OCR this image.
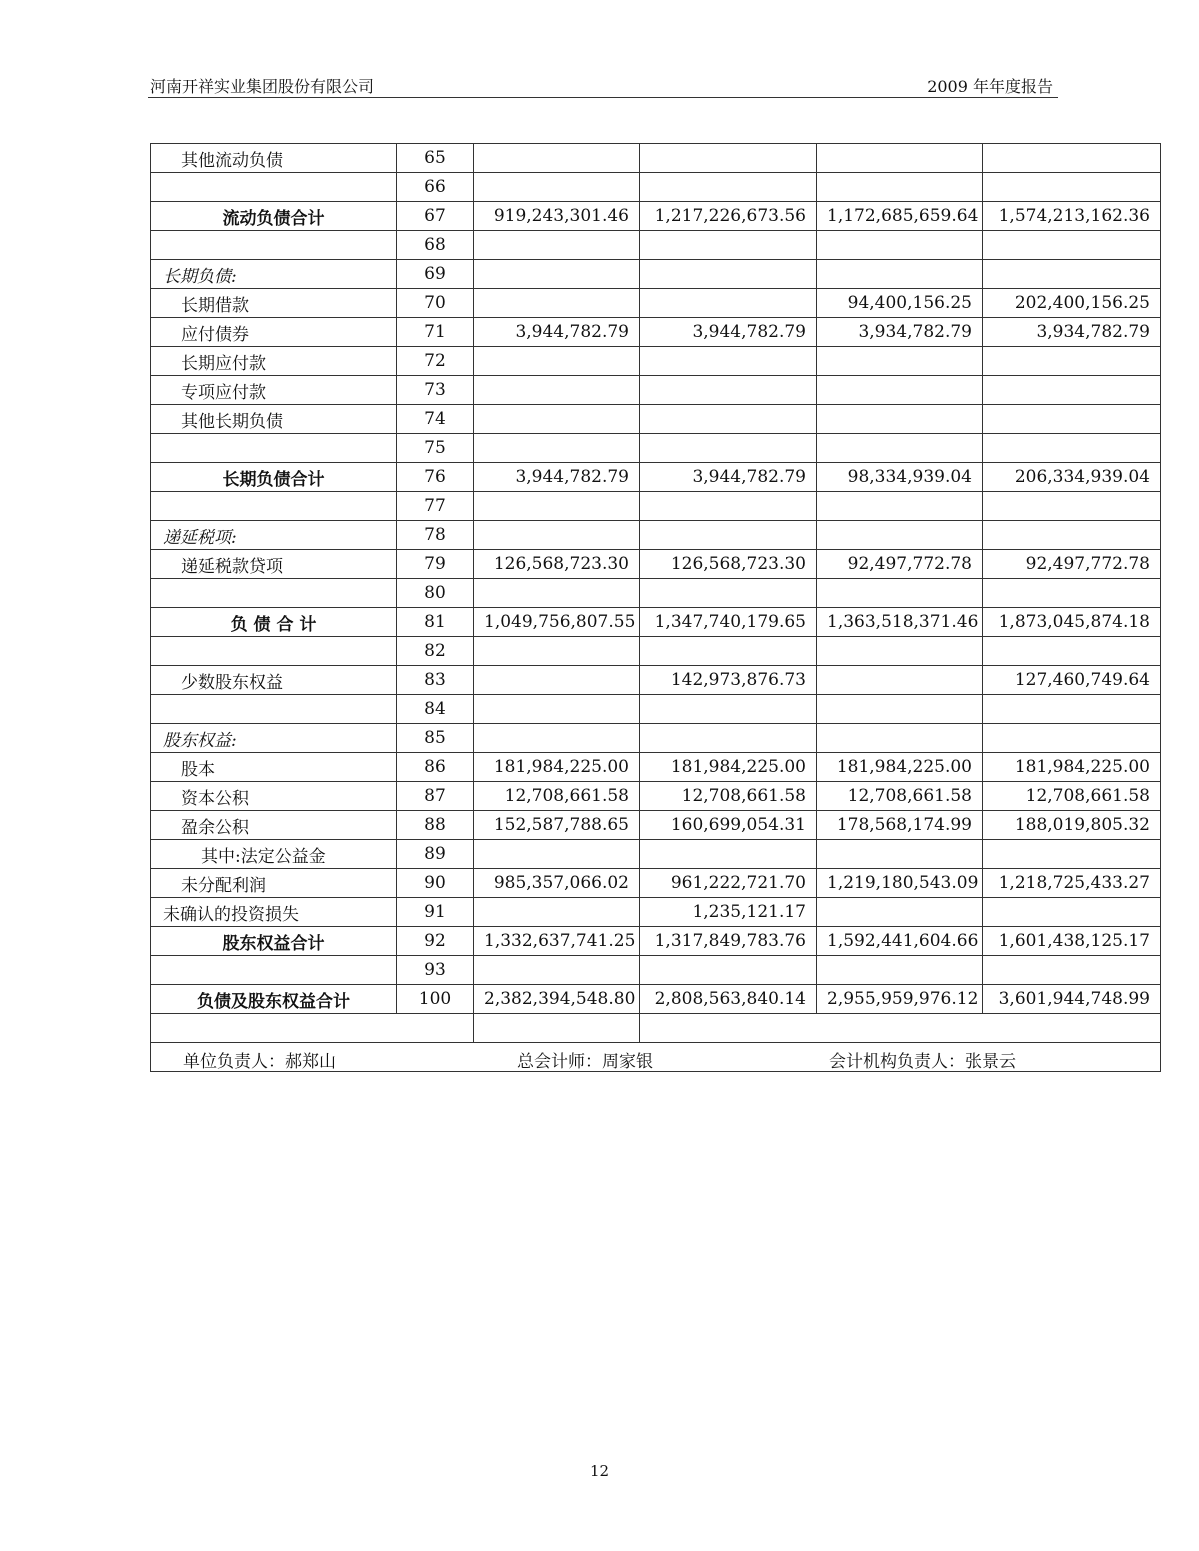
河南开祥实业集团股份有限公司	2009 年年度报告
其他流动负债	65				
	66				
流动负债合计	67	919,243,301.46	1,217,226,673.56	1,172,685,659.64	1,574,213,162.36
	68				
长期负债:	69				
长期借款	70			94,400,156.25	202,400,156.25
应付债券	71	3,944,782.79	3,944,782.79	3,934,782.79	3,934,782.79
长期应付款	72				
专项应付款	73				
其他长期负债	74				
	75				
长期负债合计	76	3,944,782.79	3,944,782.79	98,334,939.04	206,334,939.04
	77				
递延税项:	78				
递延税款贷项	79	126,568,723.30	126,568,723.30	92,497,772.78	92,497,772.78
	80				
负 债 合 计	81	1,049,756,807.55	1,347,740,179.65	1,363,518,371.46	1,873,045,874.18
	82				
少数股东权益	83		142,973,876.73		127,460,749.64
	84				
股东权益:	85				
股本	86	181,984,225.00	181,984,225.00	181,984,225.00	181,984,225.00
资本公积	87	12,708,661.58	12,708,661.58	12,708,661.58	12,708,661.58
盈余公积	88	152,587,788.65	160,699,054.31	178,568,174.99	188,019,805.32
其中:法定公益金	89				
未分配利润	90	985,357,066.02	961,222,721.70	1,219,180,543.09	1,218,725,433.27
未确认的投资损失	91		1,235,121.17		
股东权益合计	92	1,332,637,741.25	1,317,849,783.76	1,592,441,604.66	1,601,438,125.17
	93				
负债及股东权益合计	100	2,382,394,548.80	2,808,563,840.14	2,955,959,976.12	3,601,944,748.99

单位负责人：郝郑山 总会计师：周家银 会计机构负责人：张景云					
12
